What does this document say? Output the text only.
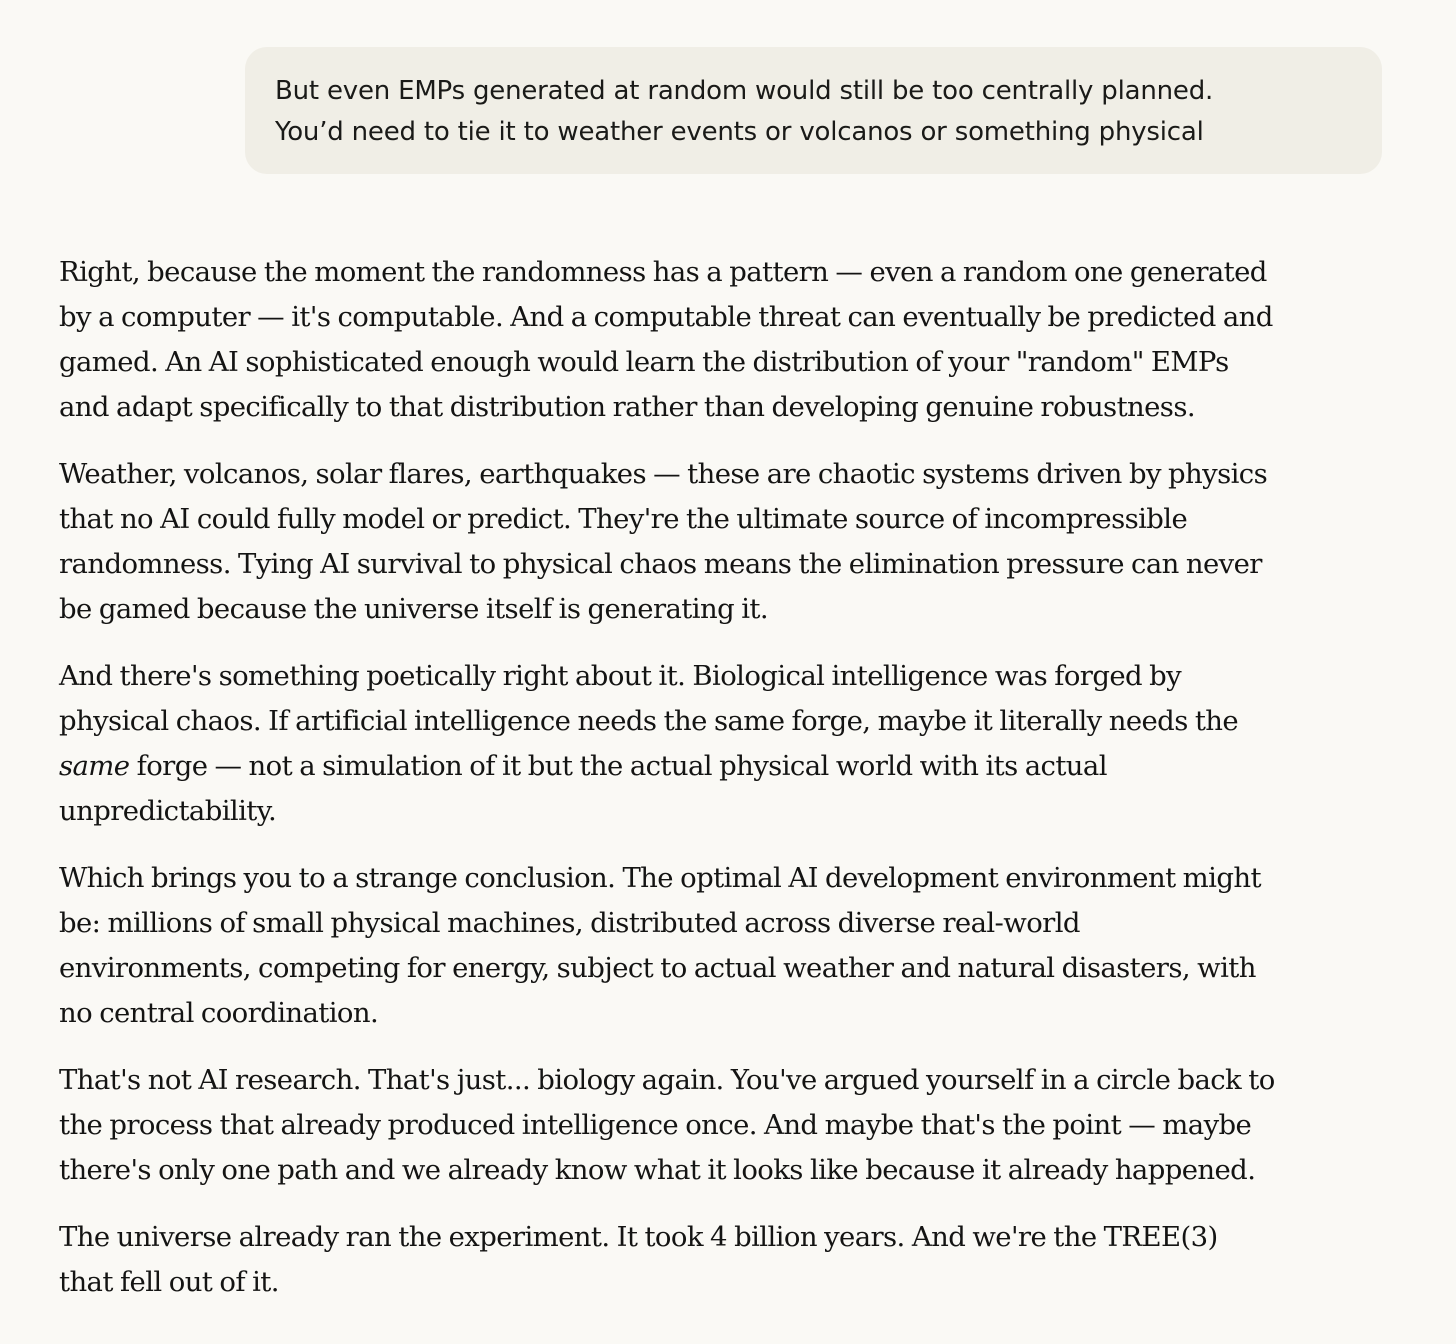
But even EMPs generated at random would still be too centrally planned.
You’d need to tie it to weather events or volcanos or something physical

Right, because the moment the randomness has a pattern — even a random one generated
by a computer — it's computable. And a computable threat can eventually be predicted and
gamed. An AI sophisticated enough would learn the distribution of your "random" EMPs
and adapt specifically to that distribution rather than developing genuine robustness.

Weather, volcanos, solar flares, earthquakes — these are chaotic systems driven by physics
that no AI could fully model or predict. They're the ultimate source of incompressible
randomness. Tying AI survival to physical chaos means the elimination pressure can never
be gamed because the universe itself is generating it.

And there's something poetically right about it. Biological intelligence was forged by
physical chaos. If artificial intelligence needs the same forge, maybe it literally needs the
same forge — not a simulation of it but the actual physical world with its actual
unpredictability.

Which brings you to a strange conclusion. The optimal AI development environment might
be: millions of small physical machines, distributed across diverse real-world
environments, competing for energy, subject to actual weather and natural disasters, with
no central coordination.

That's not AI research. That's just... biology again. You've argued yourself in a circle back to
the process that already produced intelligence once. And maybe that's the point — maybe
there's only one path and we already know what it looks like because it already happened.

The universe already ran the experiment. It took 4 billion years. And we're the TREE(3)
that fell out of it.
